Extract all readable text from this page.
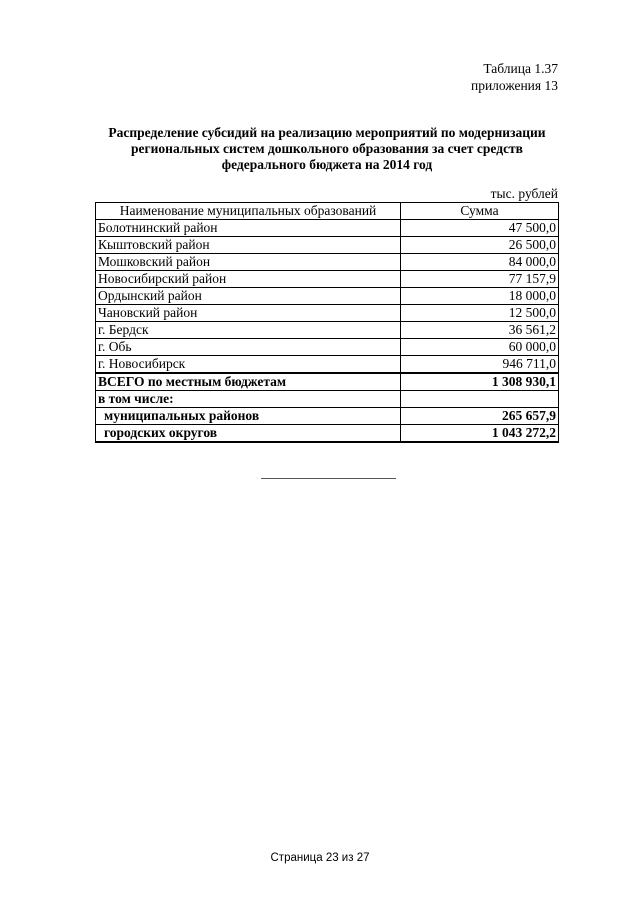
Таблица 1.37
приложения 13
Распределение субсидий на реализацию мероприятий по модернизации
региональных систем дошкольного образования за счет средств
федерального бюджета на 2014 год
тыс. рублей
Наименование муниципальных образований	Сумма
Болотнинский район	47 500,0
Кыштовский район	26 500,0
Мошковский район	84 000,0
Новосибирский район	77 157,9
Ордынский район	18 000,0
Чановский район	12 500,0
г. Бердск	36 561,2
г. Обь	60 000,0
г. Новосибирск	946 711,0
ВСЕГО по местным бюджетам	1 308 930,1
в том числе:	
муниципальных районов	265 657,9
городских округов	1 043 272,2
Страница 23 из 27
